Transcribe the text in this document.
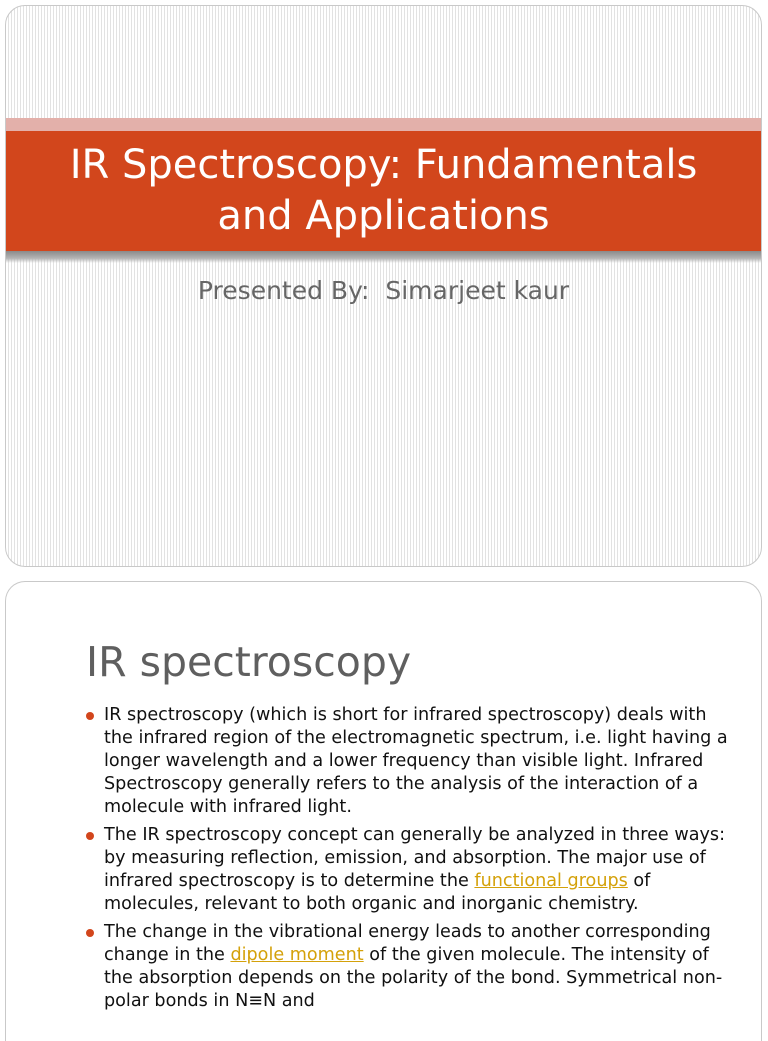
IR Spectroscopy: Fundamentals and Applications
Presented By:  Simarjeet kaur
IR spectroscopy
IR spectroscopy (which is short for infrared spectroscopy) deals with the infrared region of the electromagnetic spectrum, i.e. light having a longer wavelength and a lower frequency than visible light. Infrared Spectroscopy generally refers to the analysis of the interaction of a molecule with infrared light.
The IR spectroscopy concept can generally be analyzed in three ways: by measuring reflection, emission, and absorption. The major use of infrared spectroscopy is to determine the functional groups of molecules, relevant to both organic and inorganic chemistry.
The change in the vibrational energy leads to another corresponding change in the dipole moment of the given molecule. The intensity of the absorption depends on the polarity of the bond. Symmetrical non-polar bonds in N≡N and
